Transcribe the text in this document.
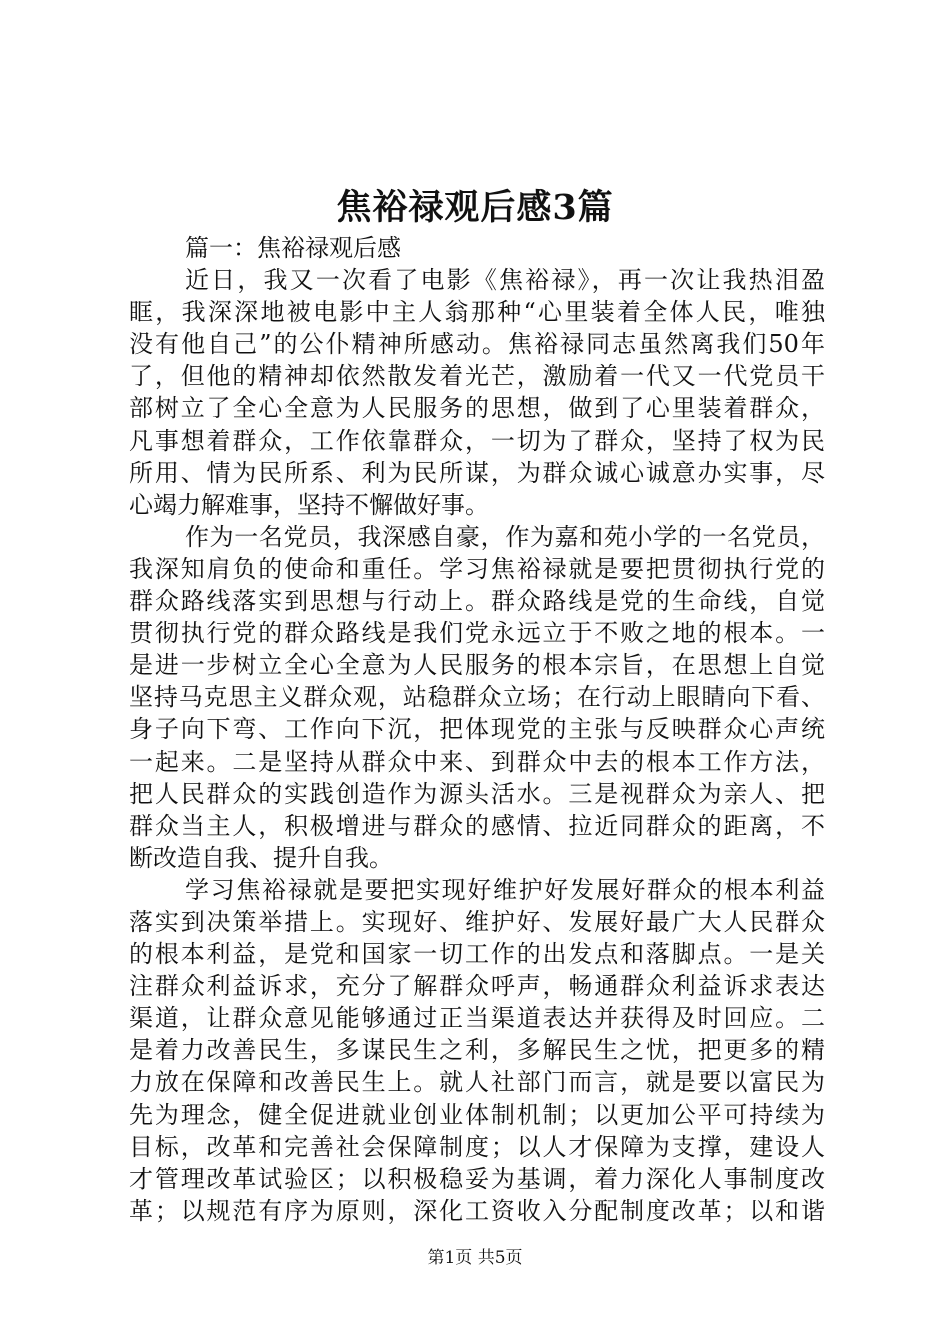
焦裕禄观后感3篇
篇一：焦裕禄观后感
近日，我又一次看了电影《焦裕禄》，再一次让我热泪盈
眶，我深深地被电影中主人翁那种“心里装着全体人民，唯独
没有他自己”的公仆精神所感动。焦裕禄同志虽然离我们50年
了，但他的精神却依然散发着光芒，激励着一代又一代党员干
部树立了全心全意为人民服务的思想，做到了心里装着群众，
凡事想着群众，工作依靠群众，一切为了群众，坚持了权为民
所用、情为民所系、利为民所谋，为群众诚心诚意办实事，尽
心竭力解难事，坚持不懈做好事。
作为一名党员，我深感自豪，作为嘉和苑小学的一名党员，
我深知肩负的使命和重任。学习焦裕禄就是要把贯彻执行党的
群众路线落实到思想与行动上。群众路线是党的生命线，自觉
贯彻执行党的群众路线是我们党永远立于不败之地的根本。一
是进一步树立全心全意为人民服务的根本宗旨，在思想上自觉
坚持马克思主义群众观，站稳群众立场；在行动上眼睛向下看、
身子向下弯、工作向下沉，把体现党的主张与反映群众心声统
一起来。二是坚持从群众中来、到群众中去的根本工作方法，
把人民群众的实践创造作为源头活水。三是视群众为亲人、把
群众当主人，积极增进与群众的感情、拉近同群众的距离，不
断改造自我、提升自我。
学习焦裕禄就是要把实现好维护好发展好群众的根本利益
落实到决策举措上。实现好、维护好、发展好最广大人民群众
的根本利益，是党和国家一切工作的出发点和落脚点。一是关
注群众利益诉求，充分了解群众呼声，畅通群众利益诉求表达
渠道，让群众意见能够通过正当渠道表达并获得及时回应。二
是着力改善民生，多谋民生之利，多解民生之忧，把更多的精
力放在保障和改善民生上。就人社部门而言，就是要以富民为
先为理念，健全促进就业创业体制机制；以更加公平可持续为
目标，改革和完善社会保障制度；以人才保障为支撑，建设人
才管理改革试验区；以积极稳妥为基调，着力深化人事制度改
革；以规范有序为原则，深化工资收入分配制度改革；以和谐
第1页 共5页
